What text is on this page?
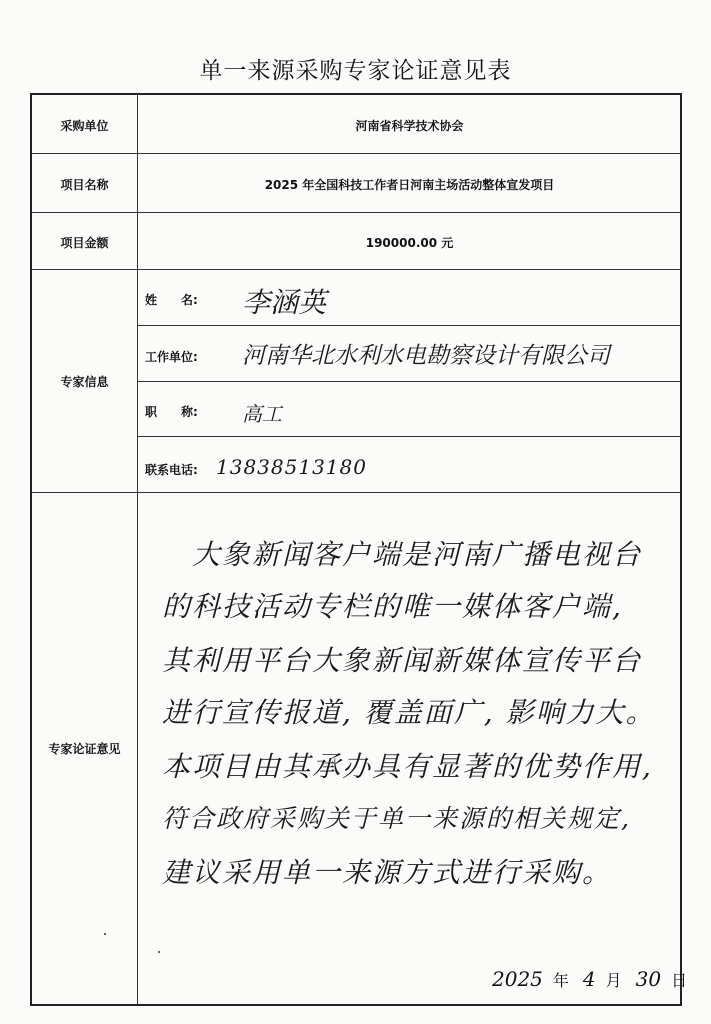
单一来源采购专家论证意见表
采购单位	河南省科学技术协会
项目名称	2025 年全国科技工作者日河南主场活动整体宣发项目
项目金额	190000.00 元
专家信息
姓　　名: 李涵英
工作单位: 河南华北水利水电勘察设计有限公司
职　　称: 高工
联系电话: 13838513180
专家论证意见
大象新闻客户端是河南广播电视台
的科技活动专栏的唯一媒体客户端,
其利用平台大象新闻新媒体宣传平台
进行宣传报道, 覆盖面广, 影响力大。
本项目由其承办具有显著的优势作用,
符合政府采购关于单一来源的相关规定,
建议采用单一来源方式进行采购。
2025 年 4 月 30 日
